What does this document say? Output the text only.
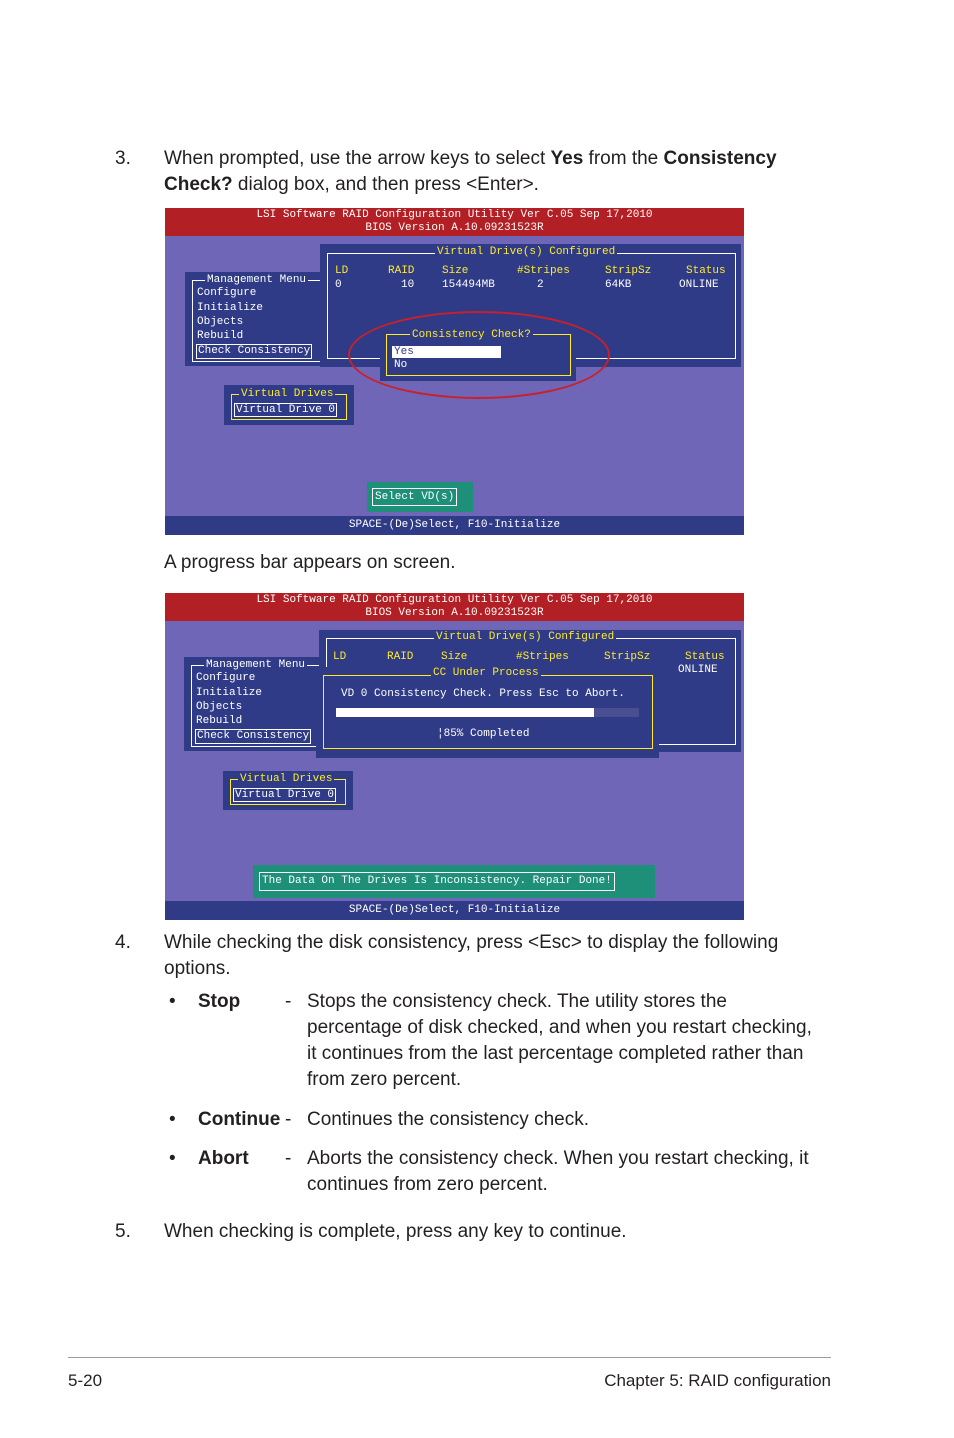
3. When prompted, use the arrow keys to select Yes from the Consistency
Check? dialog box, and then press <Enter>.
LSI Software RAID Configuration Utility Ver C.05 Sep 17,2010
BIOS Version A.10.09231523R
Management Menu
Configure
Initialize
Objects
Rebuild
Check Consistency
Virtual Drive(s) Configured
LD	RAID	Size	#Stripes	StripSz	Status
0	10	154494MB	2	64KB	ONLINE
Consistency Check?
Yes
No
Virtual Drives
Virtual Drive 0
Select VD(s)
SPACE-(De)Select, F10-Initialize
A progress bar appears on screen.
LSI Software RAID Configuration Utility Ver C.05 Sep 17,2010
BIOS Version A.10.09231523R
Management Menu
Configure
Initialize
Objects
Rebuild
Check Consistency
Virtual Drive(s) Configured
LD	RAID	Size	#Stripes	StripSz	Status
ONLINE
CC Under Process
VD 0 Consistency Check. Press Esc to Abort.
¦85% Completed
Virtual Drives
Virtual Drive 0
The Data On The Drives Is Inconsistency. Repair Done!
SPACE-(De)Select, F10-Initialize
4. While checking the disk consistency, press <Esc> to display the following
options.
• Stop - Stops the consistency check. The utility stores the
percentage of disk checked, and when you restart checking,
it continues from the last percentage completed rather than
from zero percent.
• Continue - Continues the consistency check.
• Abort - Aborts the consistency check. When you restart checking, it
continues from zero percent.
5. When checking is complete, press any key to continue.
5-20	Chapter 5: RAID configuration
